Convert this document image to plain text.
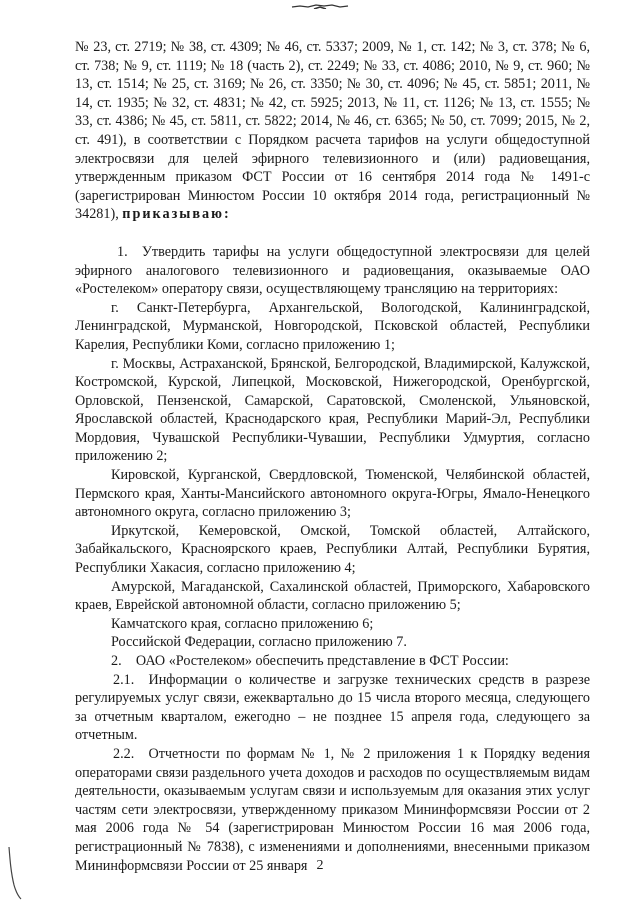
№ 23, ст. 2719; № 38, ст. 4309; № 46, ст. 5337; 2009, № 1, ст. 142; № 3, ст. 378; № 6, ст. 738; № 9, ст. 1119; № 18 (часть 2), ст. 2249; № 33, ст. 4086; 2010, № 9, ст. 960; № 13, ст. 1514; № 25, ст. 3169; № 26, ст. 3350; № 30, ст. 4096; № 45, ст. 5851; 2011, № 14, ст. 1935; № 32, ст. 4831; № 42, ст. 5925; 2013, № 11, ст. 1126; № 13, ст. 1555; № 33, ст. 4386; № 45, ст. 5811, ст. 5822; 2014, № 46, ст. 6365; № 50, ст. 7099; 2015, № 2, ст. 491), в соответствии с Порядком расчета тарифов на услуги общедоступной электросвязи для целей эфирного телевизионного и (или) радиовещания, утвержденным приказом ФСТ России от 16 сентября 2014 года № 1491-с (зарегистрирован Минюстом России 10 октября 2014 года, регистрационный № 34281), приказываю:

1. Утвердить тарифы на услуги общедоступной электросвязи для целей эфирного аналогового телевизионного и радиовещания, оказываемые ОАО «Ростелеком» оператору связи, осуществляющему трансляцию на территориях:

г. Санкт-Петербурга, Архангельской, Вологодской, Калининградской, Ленинградской, Мурманской, Новгородской, Псковской областей, Республики Карелия, Республики Коми, согласно приложению 1;

г. Москвы, Астраханской, Брянской, Белгородской, Владимирской, Калужской, Костромской, Курской, Липецкой, Московской, Нижегородской, Оренбургской, Орловской, Пензенской, Самарской, Саратовской, Смоленской, Ульяновской, Ярославской областей, Краснодарского края, Республики Марий-Эл, Республики Мордовия, Чувашской Республики-Чувашии, Республики Удмуртия, согласно приложению 2;

Кировской, Курганской, Свердловской, Тюменской, Челябинской областей, Пермского края, Ханты-Мансийского автономного округа-Югры, Ямало-Ненецкого автономного округа, согласно приложению 3;

Иркутской, Кемеровской, Омской, Томской областей, Алтайского, Забайкальского, Красноярского краев, Республики Алтай, Республики Бурятия, Республики Хакасия, согласно приложению 4;

Амурской, Магаданской, Сахалинской областей, Приморского, Хабаровского краев, Еврейской автономной области, согласно приложению 5;

Камчатского края, согласно приложению 6;

Российской Федерации, согласно приложению 7.

2. ОАО «Ростелеком» обеспечить представление в ФСТ России:

2.1. Информации о количестве и загрузке технических средств в разрезе регулируемых услуг связи, ежеквартально до 15 числа второго месяца, следующего за отчетным кварталом, ежегодно – не позднее 15 апреля года, следующего за отчетным.

2.2. Отчетности по формам № 1, № 2 приложения 1 к Порядку ведения операторами связи раздельного учета доходов и расходов по осуществляемым видам деятельности, оказываемым услугам связи и используемым для оказания этих услуг частям сети электросвязи, утвержденному приказом Мининформсвязи России от 2 мая 2006 года № 54 (зарегистрирован Минюстом России 16 мая 2006 года, регистрационный № 7838), с изменениями и дополнениями, внесенными приказом Мининформсвязи России от 25 января 2
